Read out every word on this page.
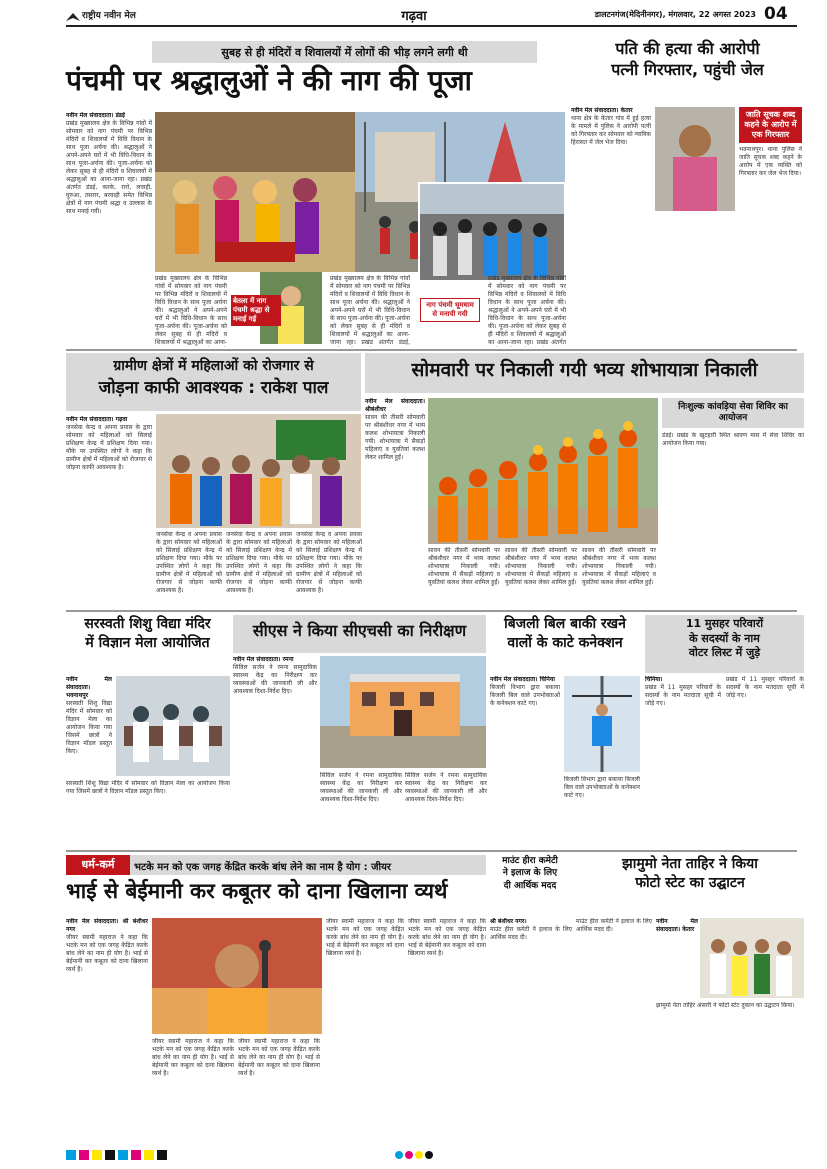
राष्ट्रीय नवीन मेल	गढ़वा	डालटनगंज(मेदिनीनगर), मंगलवार, 22 अगस्त 2023 04
सुबह से ही मंदिरों व शिवालयों में लोगों की भीड़ लगने लगी थी
पंचमी पर श्रद्धालुओं ने की नाग की पूजा
नवीन मेल संवाददाता। डंडई
प्रखंड मुख्यालय क्षेत्र के विभिन्न गांवों में सोमवार को नाग पंचमी पर विभिन्न मंदिरों व शिवालयों में विधि विधान के साथ पूजा अर्चना की। श्रद्धालुओं ने अपने-अपने घरों में भी विधि-विधान के साथ पूजा-अर्चना की। पूजा-अर्चना को लेकर सुबह से ही मंदिरों व शिवालयों में श्रद्धालुओं का आना-जाना रहा। प्रखंड अंतर्गत डंडई, करके, रारो, लवाही, घुरुआ, तसरार, बरवाही समेत विभिन्न क्षेत्रों में नाग पंचमी श्रद्धा व उल्लास के साथ मनाई गयी।
बेतला में नाग पंचमी श्रद्धा से मनाई गई
नाग पंचमी धूमधाम से मनायी गयी
प्रखंड मुख्यालय क्षेत्र के विभिन्न गांवों में सोमवार को नाग पंचमी पर विभिन्न मंदिरों व शिवालयों में विधि विधान के साथ पूजा अर्चना की। श्रद्धालुओं ने अपने-अपने घरों में भी विधि-विधान के साथ पूजा-अर्चना की। पूजा-अर्चना को लेकर सुबह से ही मंदिरों व शिवालयों में श्रद्धालुओं का आना-
प्रखंड मुख्यालय क्षेत्र के विभिन्न गांवों में सोमवार को नाग पंचमी पर विभिन्न मंदिरों व शिवालयों में विधि विधान के साथ पूजा अर्चना की। श्रद्धालुओं ने अपने-अपने घरों में भी विधि-विधान के साथ पूजा-अर्चना की। पूजा-अर्चना को लेकर सुबह से ही मंदिरों व शिवालयों में श्रद्धालुओं का आना-जाना रहा। प्रखंड अंतर्गत डंडई,
प्रखंड मुख्यालय क्षेत्र के विभिन्न गांवों में सोमवार को नाग पंचमी पर विभिन्न मंदिरों व शिवालयों में विधि विधान के साथ पूजा अर्चना की। श्रद्धालुओं ने अपने-अपने घरों में भी विधि-विधान के साथ पूजा-अर्चना की। पूजा-अर्चना को लेकर सुबह से ही मंदिरों व शिवालयों में श्रद्धालुओं का आना-जाना रहा। प्रखंड अंतर्गत
पति की हत्या की आरोपी
पत्नी गिरफ्तार, पहुंची जेल
नवीन मेल संवाददाता। केतार
थाना क्षेत्र के केतार गांव में हुई हत्या के मामले में पुलिस ने आरोपी पत्नी को गिरफ्तार कर सोमवार को न्यायिक हिरासत में जेल भेज दिया।
जाति सूचक शब्द कहने के आरोप में एक गिरफ्तार
भवनाथपुर। थाना पुलिस ने जाति सूचक शब्द कहने के आरोप में एक व्यक्ति को गिरफ्तार कर जेल भेज दिया।
ग्रामीण क्षेत्रों में महिलाओं को रोजगार से
जोड़ना काफी आवश्यक : राकेश पाल
नवीन मेल संवाददाता। गढ़वा
जनसेवा केन्द्र व अपना प्रयास के द्वारा सोमवार को महिलाओं को सिलाई प्रशिक्षण केन्द्र में प्रशिक्षण दिया गया। मौके पर उपस्थित लोगों ने कहा कि ग्रामीण क्षेत्रों में महिलाओं को रोजगार से जोड़ना काफी आवश्यक है।
जनसेवा केन्द्र व अपना प्रयास के द्वारा सोमवार को महिलाओं को सिलाई प्रशिक्षण केन्द्र में प्रशिक्षण दिया गया। मौके पर उपस्थित लोगों ने कहा कि ग्रामीण क्षेत्रों में महिलाओं को रोजगार से जोड़ना काफी आवश्यक है।
जनसेवा केन्द्र व अपना प्रयास के द्वारा सोमवार को महिलाओं को सिलाई प्रशिक्षण केन्द्र में प्रशिक्षण दिया गया। मौके पर उपस्थित लोगों ने कहा कि ग्रामीण क्षेत्रों में महिलाओं को रोजगार से जोड़ना काफी आवश्यक है।
जनसेवा केन्द्र व अपना प्रयास के द्वारा सोमवार को महिलाओं को सिलाई प्रशिक्षण केन्द्र में प्रशिक्षण दिया गया। मौके पर उपस्थित लोगों ने कहा कि ग्रामीण क्षेत्रों में महिलाओं को रोजगार से जोड़ना काफी आवश्यक है।
सोमवारी पर निकाली गयी भव्य शोभायात्रा निकाली
नवीन मेल संवाददाता। श्रीबंशीधर
सावन की तीसरी सोमवारी पर श्रीबंशीधर नगर में भव्य कलश शोभायात्रा निकाली गयी। शोभायात्रा में सैकड़ों महिलाएं व युवतियां कलश लेकर शामिल हुईं।
सावन की तीसरी सोमवारी पर श्रीबंशीधर नगर में भव्य कलश शोभायात्रा निकाली गयी। शोभायात्रा में सैकड़ों महिलाएं व युवतियां कलश लेकर शामिल हुईं।
सावन की तीसरी सोमवारी पर श्रीबंशीधर नगर में भव्य कलश शोभायात्रा निकाली गयी। शोभायात्रा में सैकड़ों महिलाएं व युवतियां कलश लेकर शामिल हुईं।
सावन की तीसरी सोमवारी पर श्रीबंशीधर नगर में भव्य कलश शोभायात्रा निकाली गयी। शोभायात्रा में सैकड़ों महिलाएं व युवतियां कलश लेकर शामिल हुईं।
निःशुल्क कांवड़िया सेवा शिविर का आयोजन
डंडई। प्रखंड के खुटहारी स्थित श्रावण मास में सेवा शिविर का आयोजन किया गया।
सरस्वती शिशु विद्या मंदिर
में विज्ञान मेला आयोजित
नवीन मेल संवाददाता। भवनाथपुर
सरस्वती शिशु विद्या मंदिर में सोमवार को विज्ञान मेला का आयोजन किया गया जिसमें छात्रों ने विज्ञान मॉडल प्रस्तुत किए।
सरस्वती शिशु विद्या मंदिर में सोमवार को विज्ञान मेला का आयोजन किया गया जिसमें छात्रों ने विज्ञान मॉडल प्रस्तुत किए।
सीएस ने किया सीएचसी का निरीक्षण
नवीन मेल संवाददाता। रमना
सिविल सर्जन ने रमना सामुदायिक स्वास्थ्य केंद्र का निरीक्षण कर व्यवस्थाओं की जानकारी ली और आवश्यक दिशा-निर्देश दिए।
सिविल सर्जन ने रमना सामुदायिक स्वास्थ्य केंद्र का निरीक्षण कर व्यवस्थाओं की जानकारी ली और आवश्यक दिशा-निर्देश दिए।
सिविल सर्जन ने रमना सामुदायिक स्वास्थ्य केंद्र का निरीक्षण कर व्यवस्थाओं की जानकारी ली और आवश्यक दिशा-निर्देश दिए।
बिजली बिल बाकी रखने
वालों के काटे कनेक्शन
नवीन मेल संवाददाता। चिनिया
बिजली विभाग द्वारा बकाया बिजली बिल वाले उपभोक्ताओं के कनेक्शन काटे गए।
बिजली विभाग द्वारा बकाया बिजली बिल वाले उपभोक्ताओं के कनेक्शन काटे गए।
11 मुसहर परिवारों
के सदस्यों के नाम
वोटर लिस्ट में जुड़े
चिनिया।
प्रखंड में 11 मुसहर परिवारों के सदस्यों के नाम मतदाता सूची में जोड़े गए।
प्रखंड में 11 मुसहर परिवारों के सदस्यों के नाम मतदाता सूची में जोड़े गए।
धर्म-कर्म	भटके मन को एक जगह केंद्रित करके बांध लेने का नाम है योग : जीयर
भाई से बेईमानी कर कबूतर को दाना खिलाना व्यर्थ
नवीन मेल संवाददाता। श्री बंशीधर नगर
जीयर स्वामी महाराज ने कहा कि भटके मन को एक जगह केंद्रित करके बांध लेने का नाम ही योग है। भाई से बेईमानी कर कबूतर को दाना खिलाना व्यर्थ है।
जीयर स्वामी महाराज ने कहा कि भटके मन को एक जगह केंद्रित करके बांध लेने का नाम ही योग है। भाई से बेईमानी कर कबूतर को दाना खिलाना व्यर्थ है।
जीयर स्वामी महाराज ने कहा कि भटके मन को एक जगह केंद्रित करके बांध लेने का नाम ही योग है। भाई से बेईमानी कर कबूतर को दाना खिलाना व्यर्थ है।
जीयर स्वामी महाराज ने कहा कि भटके मन को एक जगह केंद्रित करके बांध लेने का नाम ही योग है। भाई से बेईमानी कर कबूतर को दाना खिलाना व्यर्थ है।
जीयर स्वामी महाराज ने कहा कि भटके मन को एक जगह केंद्रित करके बांध लेने का नाम ही योग है। भाई से बेईमानी कर कबूतर को दाना खिलाना व्यर्थ है।
माउंट हीरा कमेटी
ने इलाज के लिए
दी आर्थिक मदद
श्री बंशीधर नगर।
माउंट हीरा कमेटी ने इलाज के लिए आर्थिक मदद दी।
माउंट हीरा कमेटी ने इलाज के लिए आर्थिक मदद दी।
झामुमो नेता ताहिर ने किया
फोटो स्टेट का उद्घाटन
नवीन मेल संवाददाता। केतार
झामुमो नेता ताहिर अंसारी ने फोटो स्टेट दुकान का उद्घाटन किया।
